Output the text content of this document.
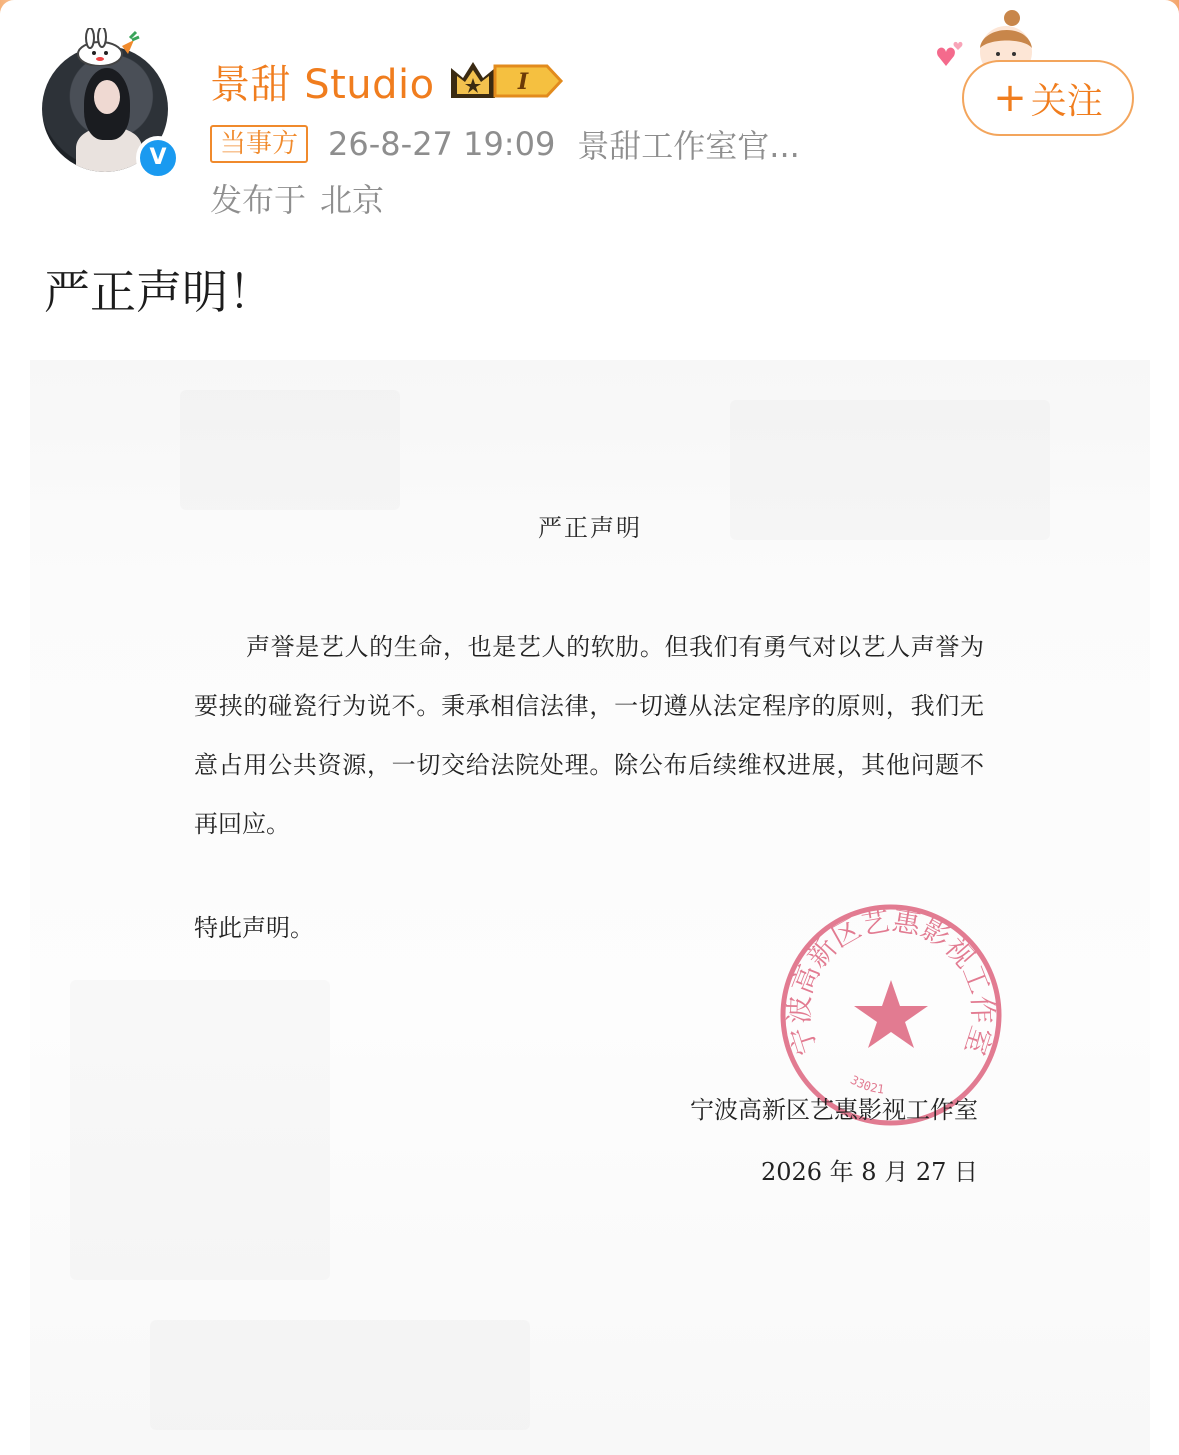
V
景甜 Studio	I
当事方 26-8-27 19:09 景甜工作室官...
发布于 北京
+ 关注
严正声明！
严正声明
声誉是艺人的生命，也是艺人的软肋。但我们有勇气对以艺人声誉为要挟的碰瓷行为说不。秉承相信法律，一切遵从法定程序的原则，我们无意占用公共资源，一切交给法院处理。除公布后续维权进展，其他问题不再回应。
特此声明。
宁波高新区艺惠影视工作室
33021
宁波高新区艺惠影视工作室
2026 年 8 月 27 日
